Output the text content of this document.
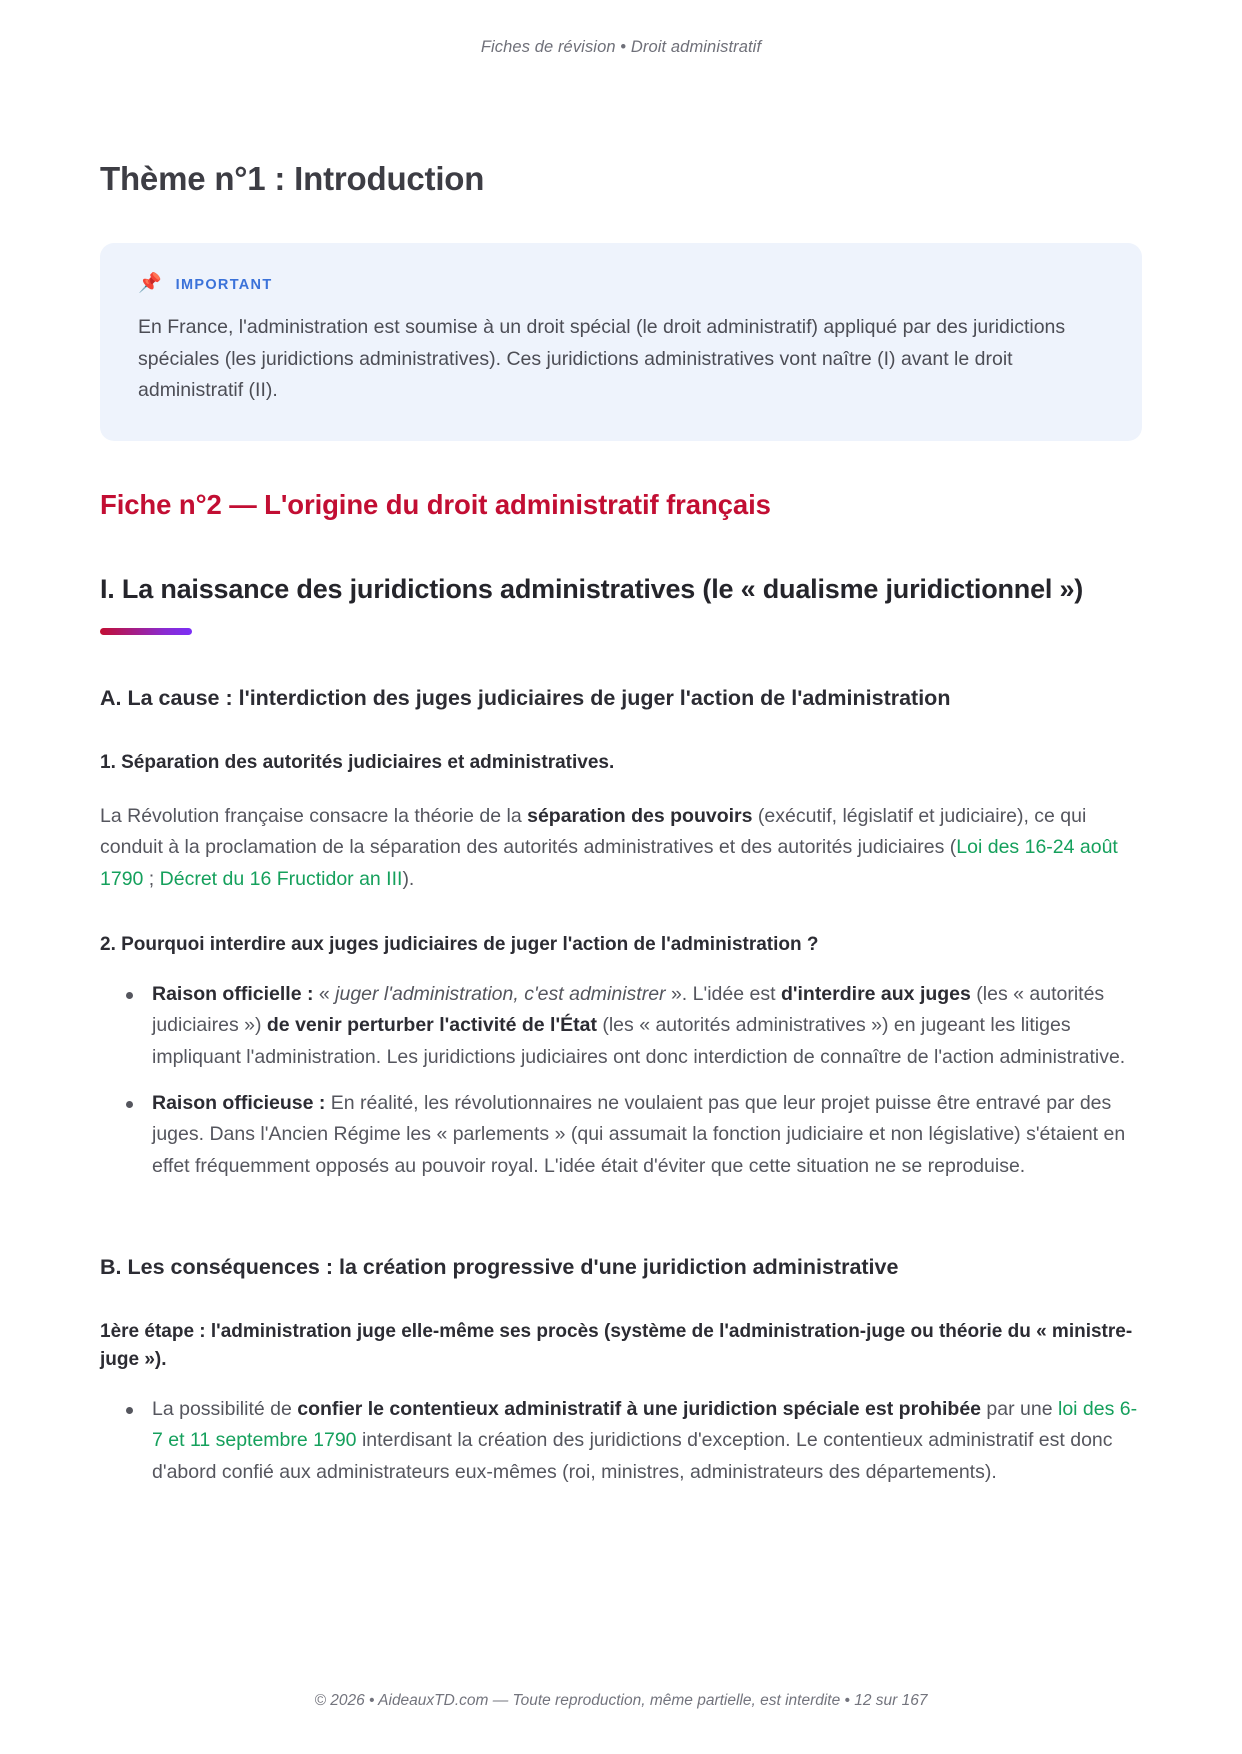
Fiches de révision • Droit administratif
Thème n°1 : Introduction
📌 IMPORTANT
En France, l'administration est soumise à un droit spécial (le droit administratif) appliqué par des juridictions spéciales (les juridictions administratives). Ces juridictions administratives vont naître (I) avant le droit administratif (II).
Fiche n°2 — L'origine du droit administratif français
I. La naissance des juridictions administratives (le « dualisme juridictionnel »)
A. La cause : l'interdiction des juges judiciaires de juger l'action de l'administration
1. Séparation des autorités judiciaires et administratives.

La Révolution française consacre la théorie de la séparation des pouvoirs (exécutif, législatif et judiciaire), ce qui conduit à la proclamation de la séparation des autorités administratives et des autorités judiciaires (Loi des 16-24 août 1790 ; Décret du 16 Fructidor an III).

2. Pourquoi interdire aux juges judiciaires de juger l'action de l'administration ?
Raison officielle : « juger l'administration, c'est administrer ». L'idée est d'interdire aux juges (les « autorités judiciaires ») de venir perturber l'activité de l'État (les « autorités administratives ») en jugeant les litiges impliquant l'administration. Les juridictions judiciaires ont donc interdiction de connaître de l'action administrative.
Raison officieuse : En réalité, les révolutionnaires ne voulaient pas que leur projet puisse être entravé par des juges. Dans l'Ancien Régime les « parlements » (qui assumait la fonction judiciaire et non législative) s'étaient en effet fréquemment opposés au pouvoir royal. L'idée était d'éviter que cette situation ne se reproduise.
B. Les conséquences : la création progressive d'une juridiction administrative
1ère étape : l'administration juge elle-même ses procès (système de l'administration-juge ou théorie du « ministre-juge »).
La possibilité de confier le contentieux administratif à une juridiction spéciale est prohibée par une loi des 6-7 et 11 septembre 1790 interdisant la création des juridictions d'exception. Le contentieux administratif est donc d'abord confié aux administrateurs eux-mêmes (roi, ministres, administrateurs des départements).
© 2026 • AideauxTD.com — Toute reproduction, même partielle, est interdite • 12 sur 167
